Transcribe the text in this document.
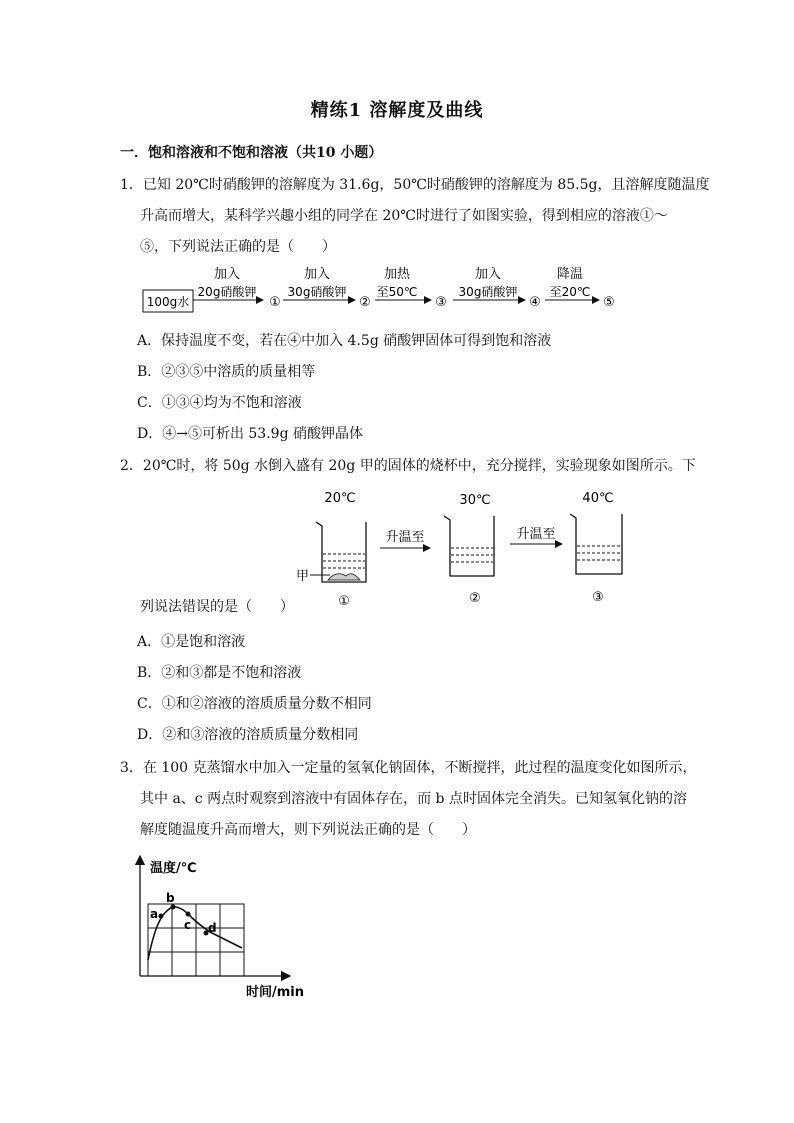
精练1 溶解度及曲线
一．饱和溶液和不饱和溶液（共10 小题）
1．已知 20℃时硝酸钾的溶解度为 31.6g，50℃时硝酸钾的溶解度为 85.5g，且溶解度随温度
升高而增大，某科学兴趣小组的同学在 20℃时进行了如图实验，得到相应的溶液①～
⑤，下列说法正确的是（　　）
100g水
加入
20g硝酸钾
①
加入
30g硝酸钾
②
加热
至50℃
③
加入
30g硝酸钾
④
降温
至20℃
⑤
A．保持温度不变，若在④中加入 4.5g 硝酸钾固体可得到饱和溶液
B．②③⑤中溶质的质量相等
C．①③④均为不饱和溶液
D．④→⑤可析出 53.9g 硝酸钾晶体
2．20℃时，将 50g 水倒入盛有 20g 甲的固体的烧杯中，充分搅拌，实验现象如图所示。下
20℃	30℃	40℃
甲
①
升温至
②
升温至
③
列说法错误的是（　　）
A．①是饱和溶液
B．②和③都是不饱和溶液
C．①和②溶液的溶质质量分数不相同
D．②和③溶液的溶质质量分数相同
3．在 100 克蒸馏水中加入一定量的氢氧化钠固体，不断搅拌，此过程的温度变化如图所示，
其中 a、c 两点时观察到溶液中有固体存在，而 b 点时固体完全消失。已知氢氧化钠的溶
解度随温度升高而增大，则下列说法正确的是（　　）
温度/℃
a
b
c d
时间/min
